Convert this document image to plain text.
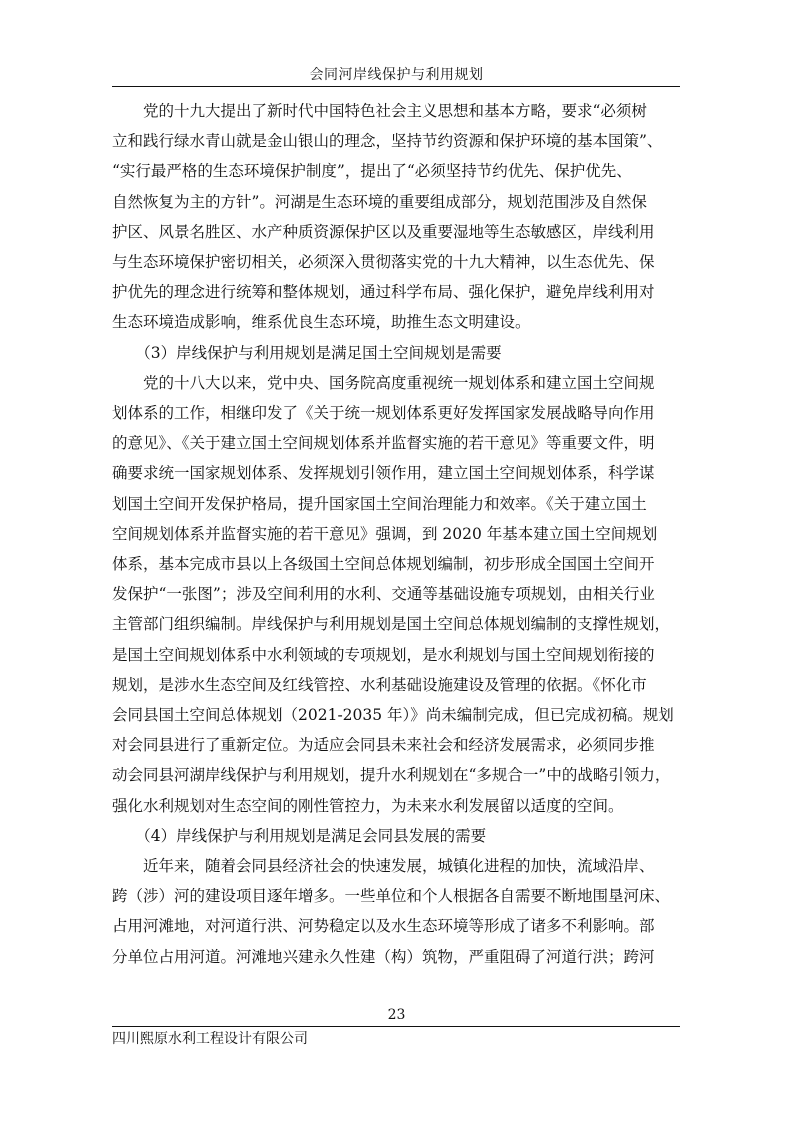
会同河岸线保护与利用规划

　　党的十九大提出了新时代中国特色社会主义思想和基本方略，要求“必须树
立和践行绿水青山就是金山银山的理念，坚持节约资源和保护环境的基本国策”、
“实行最严格的生态环境保护制度”，提出了“必须坚持节约优先、保护优先、
自然恢复为主的方针”。河湖是生态环境的重要组成部分，规划范围涉及自然保
护区、风景名胜区、水产种质资源保护区以及重要湿地等生态敏感区，岸线利用
与生态环境保护密切相关，必须深入贯彻落实党的十九大精神，以生态优先、保
护优先的理念进行统筹和整体规划，通过科学布局、强化保护，避免岸线利用对
生态环境造成影响，维系优良生态环境，助推生态文明建设。

　　（3）岸线保护与利用规划是满足国土空间规划是需要

　　党的十八大以来，党中央、国务院高度重视统一规划体系和建立国土空间规
划体系的工作，相继印发了《关于统一规划体系更好发挥国家发展战略导向作用
的意见》、《关于建立国土空间规划体系并监督实施的若干意见》等重要文件，明
确要求统一国家规划体系、发挥规划引领作用，建立国土空间规划体系，科学谋
划国土空间开发保护格局，提升国家国土空间治理能力和效率。《关于建立国土
空间规划体系并监督实施的若干意见》强调，到 2020 年基本建立国土空间规划
体系，基本完成市县以上各级国土空间总体规划编制，初步形成全国国土空间开
发保护“一张图”；涉及空间利用的水利、交通等基础设施专项规划，由相关行业
主管部门组织编制。岸线保护与利用规划是国土空间总体规划编制的支撑性规划，
是国土空间规划体系中水利领域的专项规划，是水利规划与国土空间规划衔接的
规划，是涉水生态空间及红线管控、水利基础设施建设及管理的依据。《怀化市
会同县国土空间总体规划（2021-2035 年）》尚未编制完成，但已完成初稿。规划
对会同县进行了重新定位。为适应会同县未来社会和经济发展需求，必须同步推
动会同县河湖岸线保护与利用规划，提升水利规划在“多规合一”中的战略引领力，
强化水利规划对生态空间的刚性管控力，为未来水利发展留以适度的空间。

　　（4）岸线保护与利用规划是满足会同县发展的需要

　　近年来，随着会同县经济社会的快速发展，城镇化进程的加快，流域沿岸、
跨（涉）河的建设项目逐年增多。一些单位和个人根据各自需要不断地围垦河床、
占用河滩地，对河道行洪、河势稳定以及水生态环境等形成了诸多不利影响。部
分单位占用河道。河滩地兴建永久性建（构）筑物，严重阻碍了河道行洪；跨河

23
四川熙原水利工程设计有限公司
